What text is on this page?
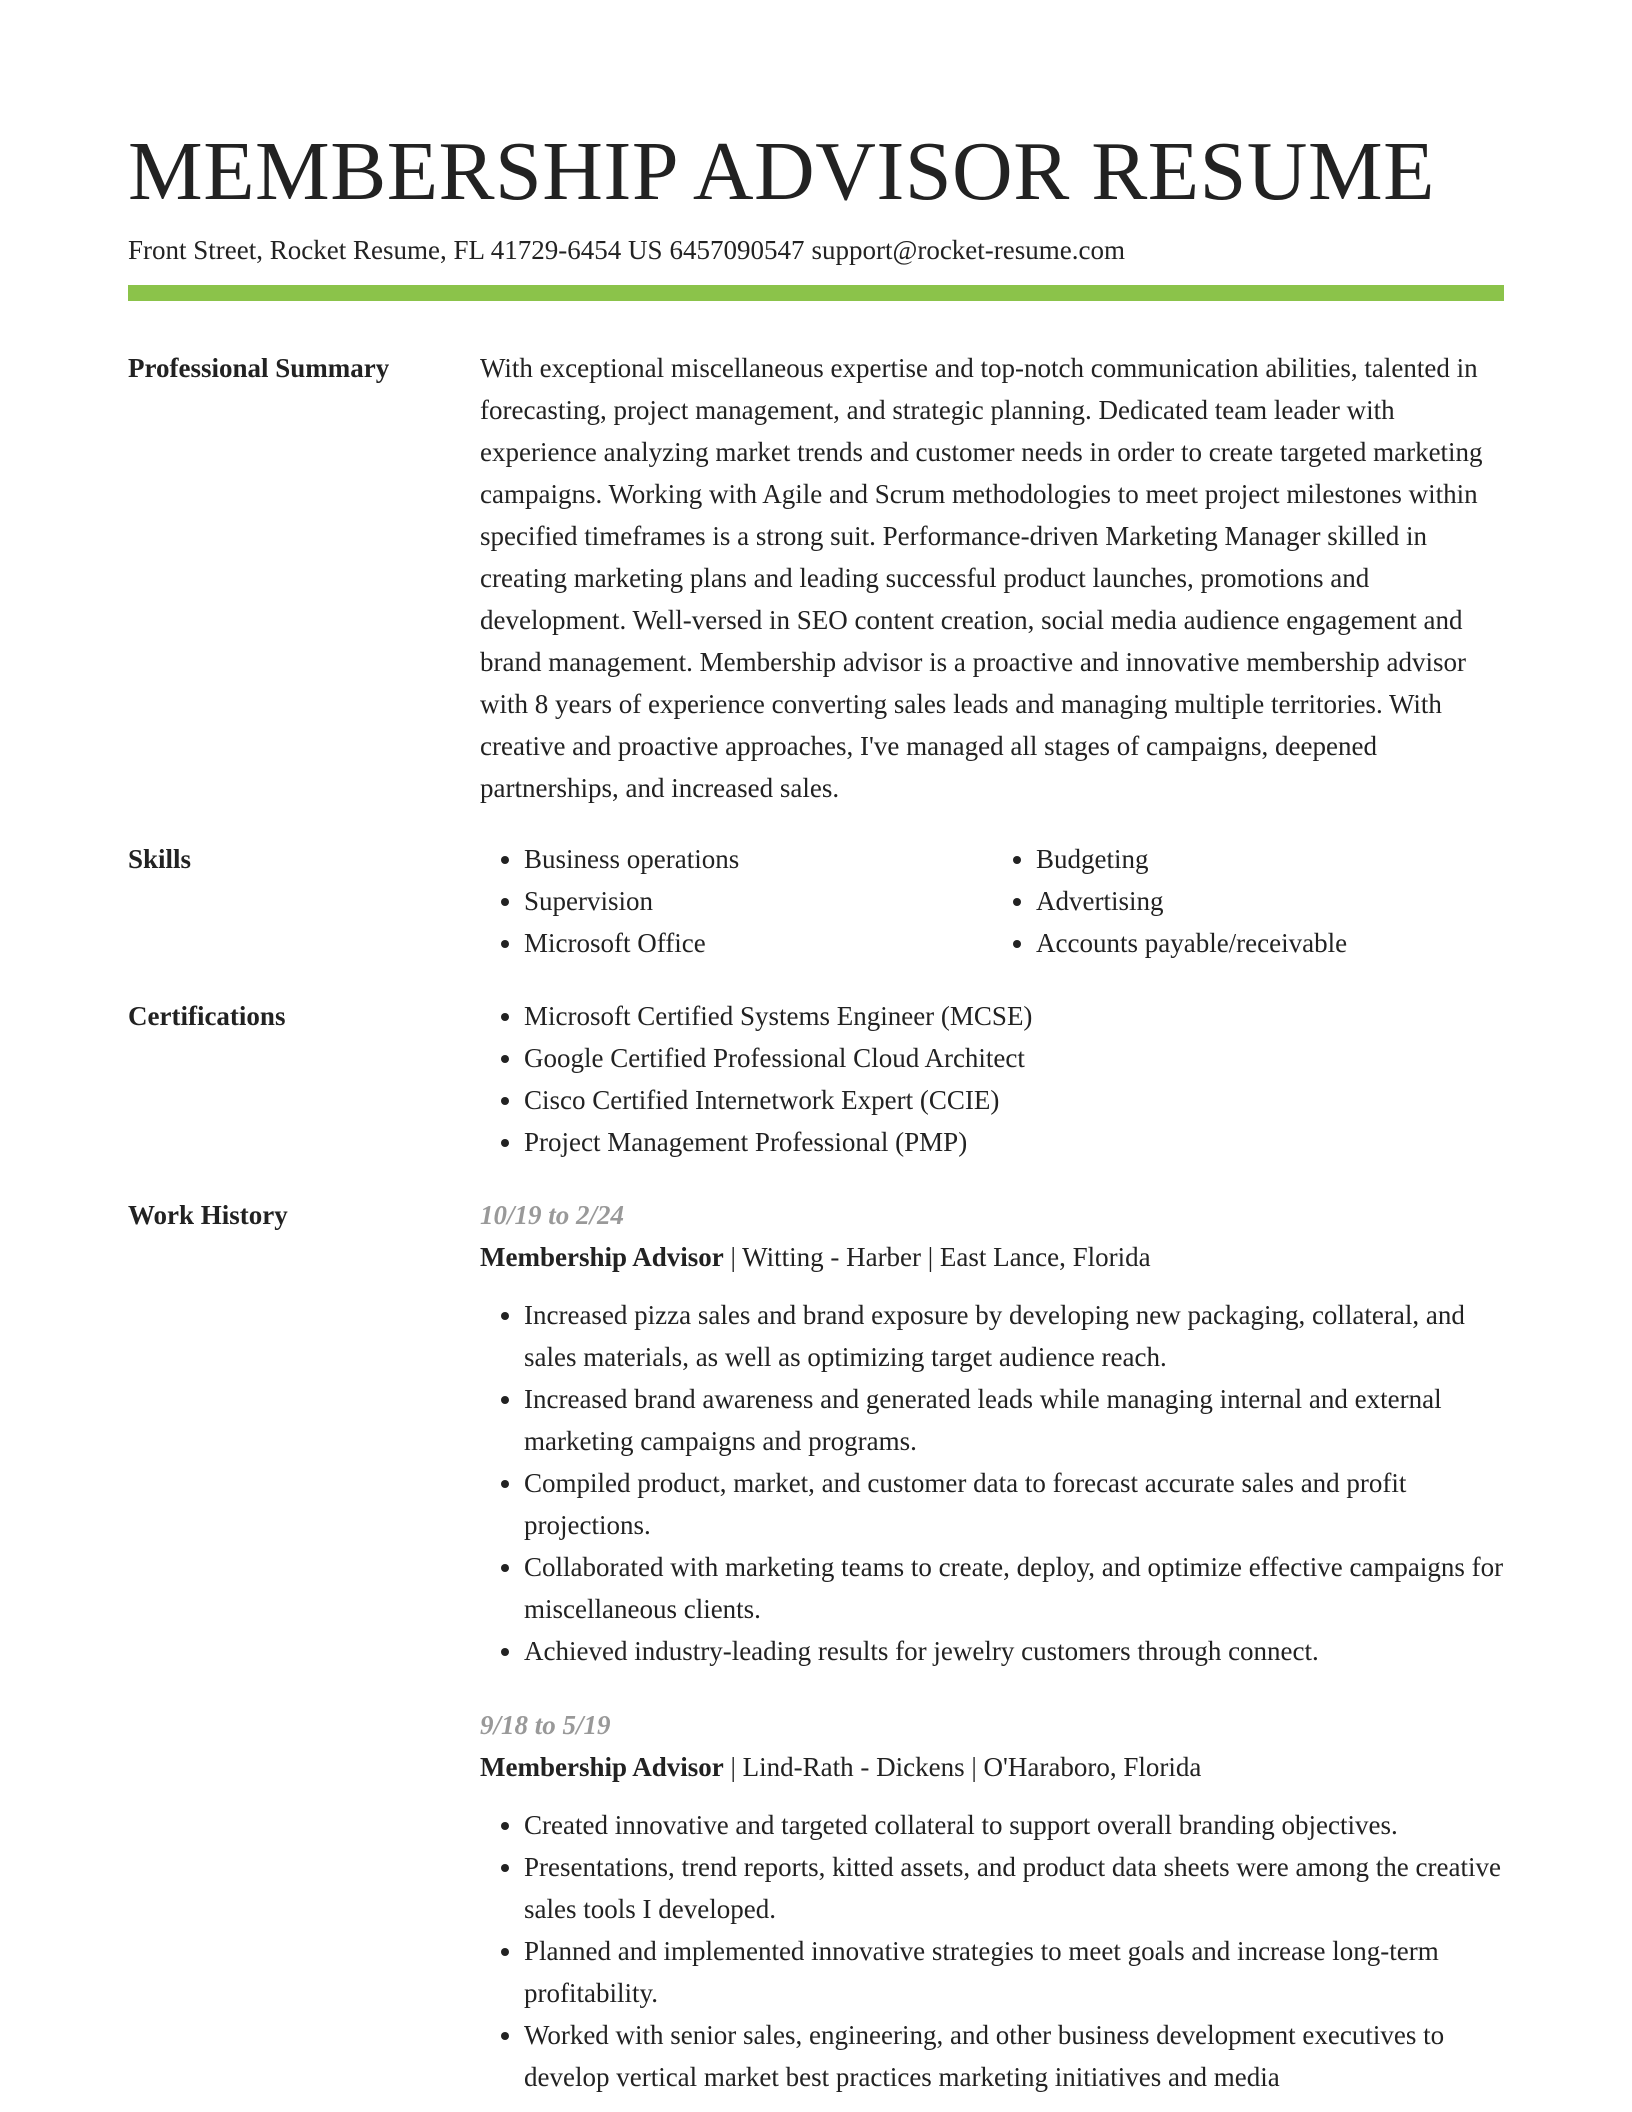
MEMBERSHIP ADVISOR RESUME
Front Street, Rocket Resume, FL 41729-6454 US 6457090547 support@rocket-resume.com
Professional Summary	With exceptional miscellaneous expertise and top-notch communication abilities, talented in forecasting, project management, and strategic planning. Dedicated team leader with experience analyzing market trends and customer needs in order to create targeted marketing campaigns. Working with Agile and Scrum methodologies to meet project milestones within specified timeframes is a strong suit. Performance-driven Marketing Manager skilled in creating marketing plans and leading successful product launches, promotions and development. Well-versed in SEO content creation, social media audience engagement and brand management. Membership advisor is a proactive and innovative membership advisor with 8 years of experience converting sales leads and managing multiple territories. With creative and proactive approaches, I've managed all stages of campaigns, deepened partnerships, and increased sales.

Skills	• Business operations
• Supervision
• Microsoft Office
• Budgeting
• Advertising
• Accounts payable/receivable
Certifications	• Microsoft Certified Systems Engineer (MCSE)
• Google Certified Professional Cloud Architect
• Cisco Certified Internetwork Expert (CCIE)
• Project Management Professional (PMP)
Work History	10/19 to 2/24
Membership Advisor | Witting - Harber | East Lance, Florida
• Increased pizza sales and brand exposure by developing new packaging, collateral, and sales materials, as well as optimizing target audience reach.
• Increased brand awareness and generated leads while managing internal and external marketing campaigns and programs.
• Compiled product, market, and customer data to forecast accurate sales and profit projections.
• Collaborated with marketing teams to create, deploy, and optimize effective campaigns for miscellaneous clients.
• Achieved industry-leading results for jewelry customers through connect.
9/18 to 5/19
Membership Advisor | Lind-Rath - Dickens | O'Haraboro, Florida
• Created innovative and targeted collateral to support overall branding objectives.
• Presentations, trend reports, kitted assets, and product data sheets were among the creative sales tools I developed.
• Planned and implemented innovative strategies to meet goals and increase long-term profitability.
• Worked with senior sales, engineering, and other business development executives to develop vertical market best practices marketing initiatives and media
